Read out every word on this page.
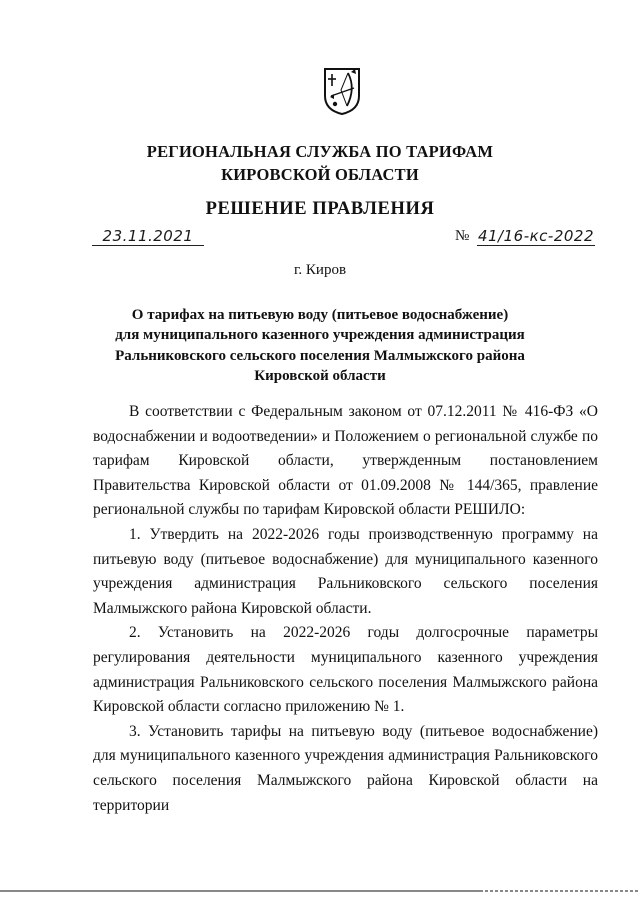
РЕГИОНАЛЬНАЯ СЛУЖБА ПО ТАРИФАМ
КИРОВСКОЙ ОБЛАСТИ
РЕШЕНИЕ ПРАВЛЕНИЯ
23.11.2021	№ 41/16-кс-2022
г. Киров
О тарифах на питьевую воду (питьевое водоснабжение)
для муниципального казенного учреждения администрация
Ральниковского сельского поселения Малмыжского района
Кировской области

В соответствии с Федеральным законом от 07.12.2011 № 416-ФЗ «О водоснабжении и водоотведении» и Положением о региональной службе по тарифам Кировской области, утвержденным постановлением Правительства Кировской области от 01.09.2008 № 144/365, правление региональной службы по тарифам Кировской области РЕШИЛО:

1. Утвердить на 2022-2026 годы производственную программу на питьевую воду (питьевое водоснабжение) для муниципального казенного учреждения администрация Ральниковского сельского поселения Малмыжского района Кировской области.

2. Установить на 2022-2026 годы долгосрочные параметры регулирования деятельности муниципального казенного учреждения администрация Ральниковского сельского поселения Малмыжского района Кировской области согласно приложению № 1.

3. Установить тарифы на питьевую воду (питьевое водоснабжение) для муниципального казенного учреждения администрация Ральниковского сельского поселения Малмыжского района Кировской области на территории
